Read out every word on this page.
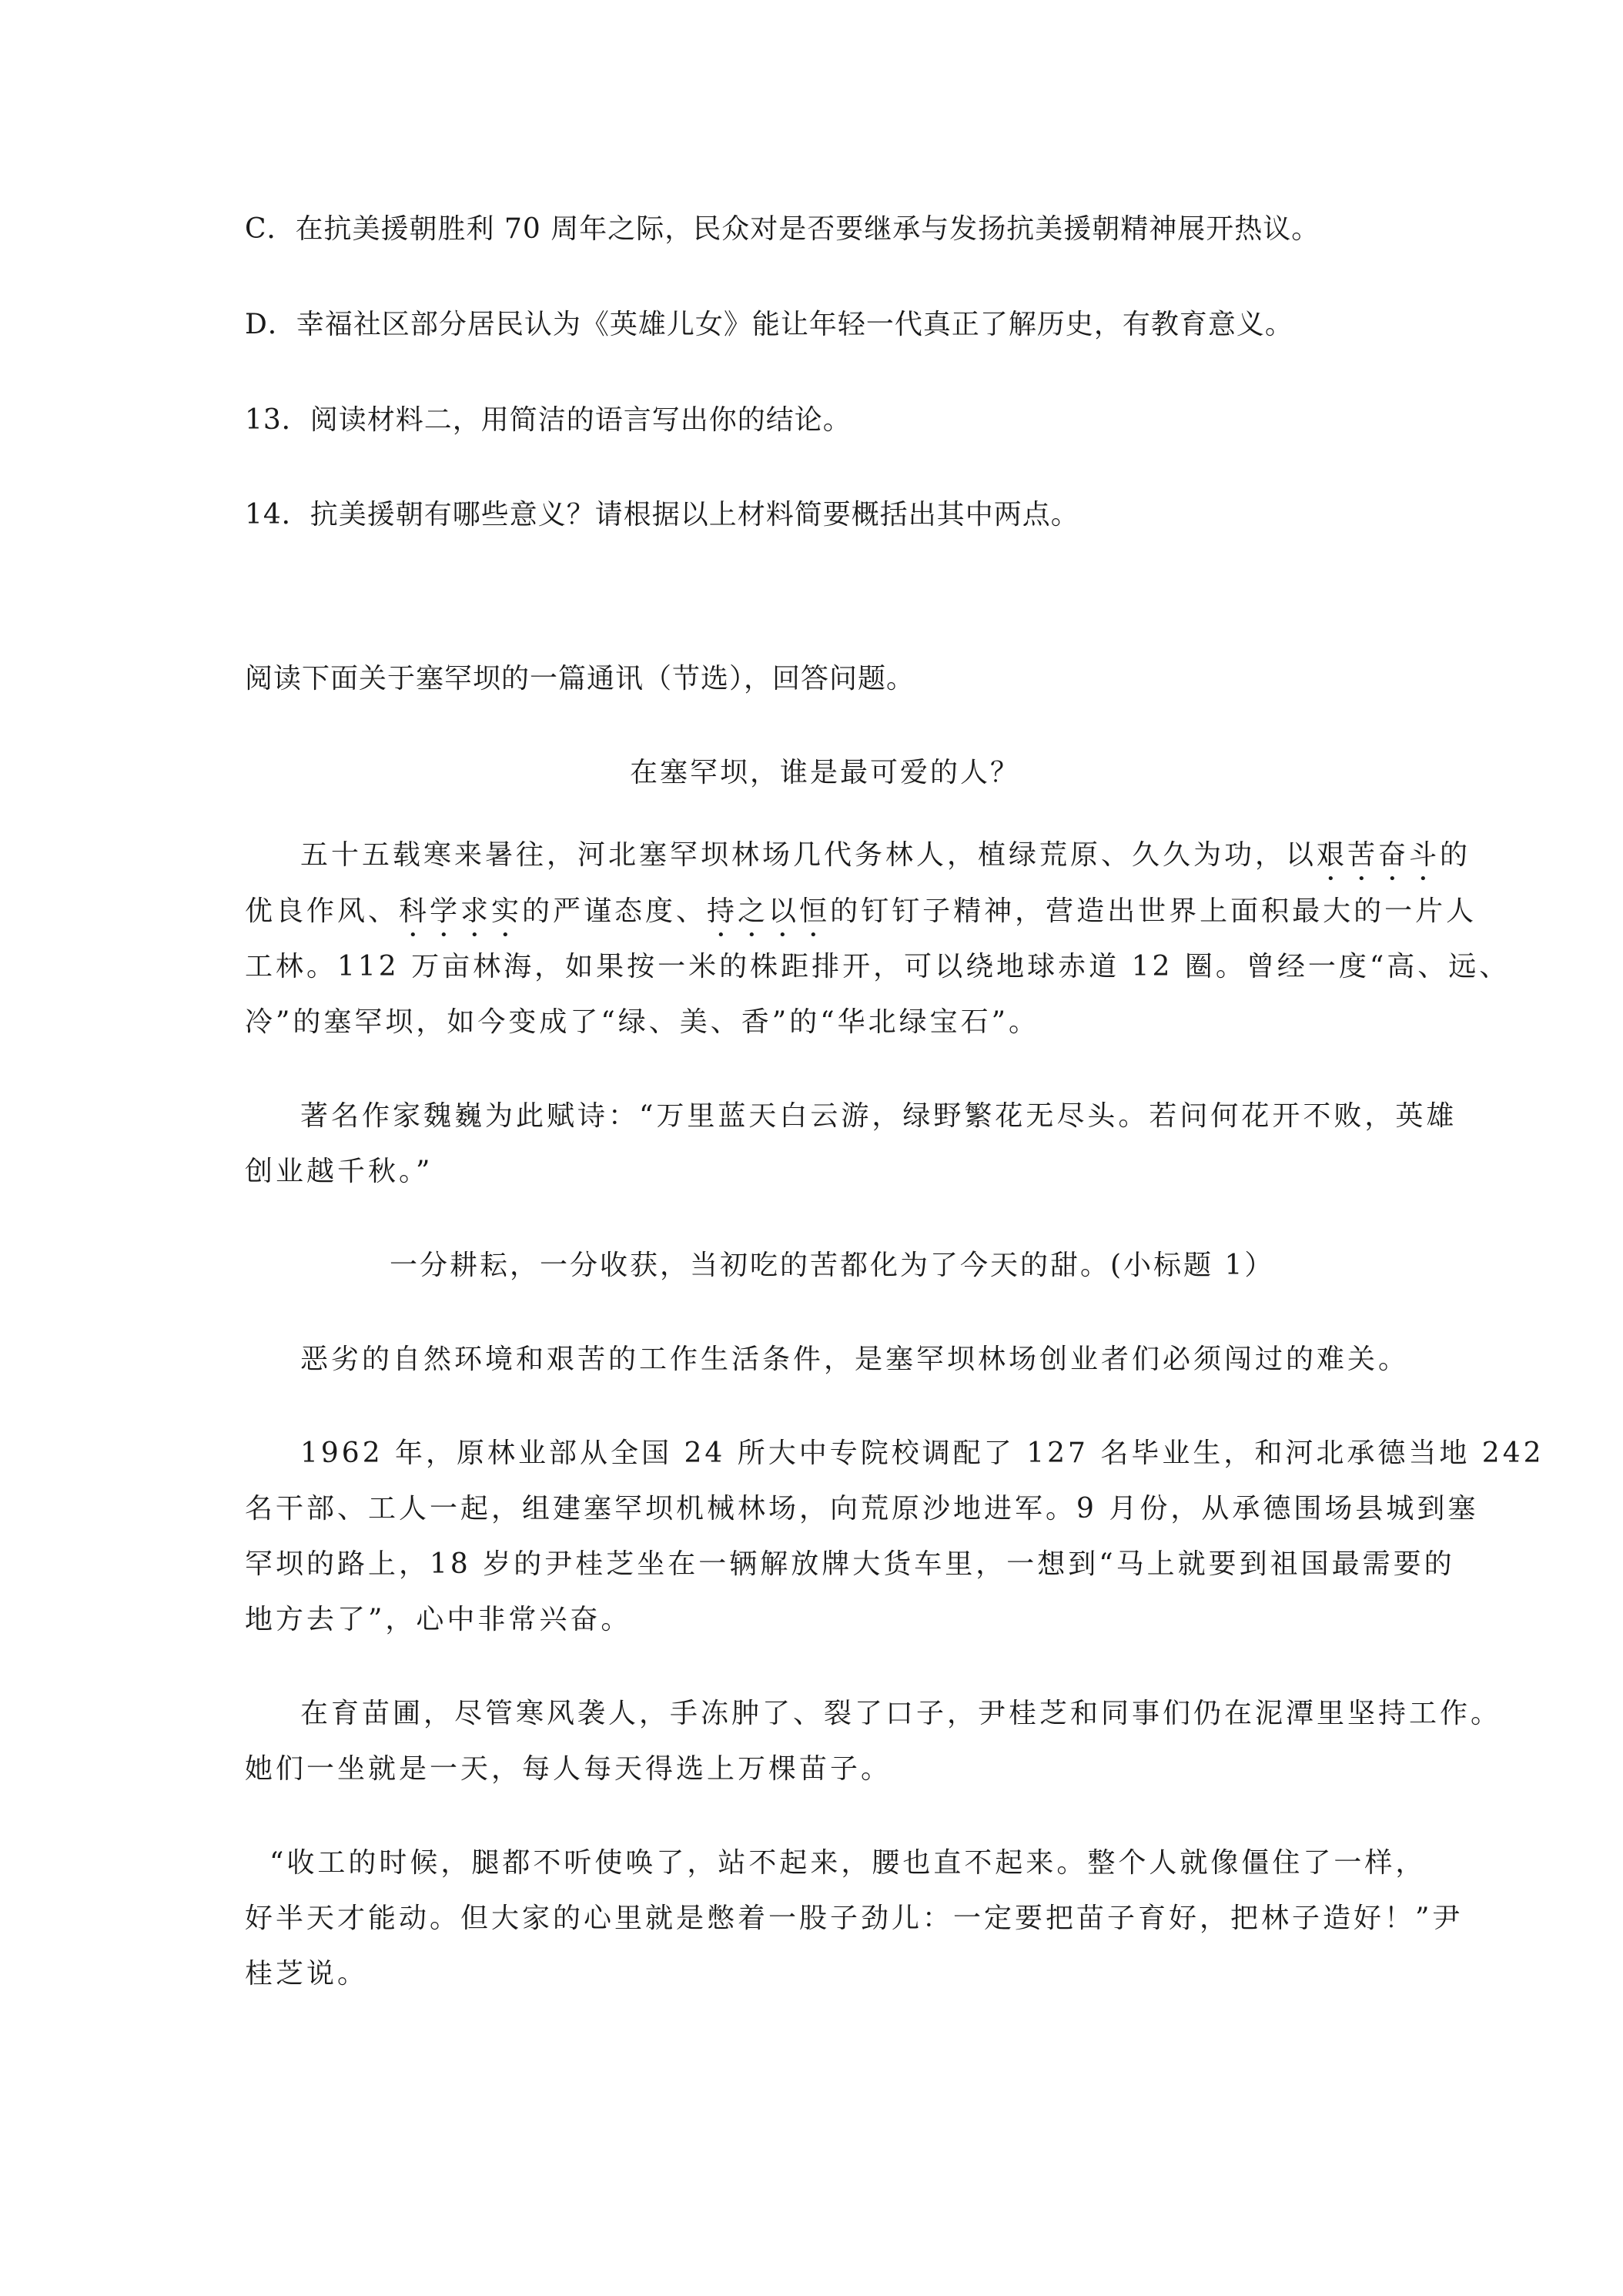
C．在抗美援朝胜利 70 周年之际，民众对是否要继承与发扬抗美援朝精神展开热议。
D．幸福社区部分居民认为《英雄儿女》能让年轻一代真正了解历史，有教育意义。
13．阅读材料二，用简洁的语言写出你的结论。
14．抗美援朝有哪些意义？请根据以上材料简要概括出其中两点。
阅读下面关于塞罕坝的一篇通讯（节选），回答问题。
在塞罕坝，谁是最可爱的人？
五十五载寒来暑往，河北塞罕坝林场几代务林人，植绿荒原、久久为功，以艰苦奋斗的
优良作风、科学求实的严谨态度、持之以恒的钉钉子精神，营造出世界上面积最大的一片人
工林。112 万亩林海，如果按一米的株距排开，可以绕地球赤道 12 圈。曾经一度“高、远、
冷”的塞罕坝，如今变成了“绿、美、香”的“华北绿宝石”。
著名作家魏巍为此赋诗：“万里蓝天白云游，绿野繁花无尽头。若问何花开不败，英雄
创业越千秋。”
一分耕耘，一分收获，当初吃的苦都化为了今天的甜。(小标题 1）
恶劣的自然环境和艰苦的工作生活条件，是塞罕坝林场创业者们必须闯过的难关。
1962 年，原林业部从全国 24 所大中专院校调配了 127 名毕业生，和河北承德当地 242
名干部、工人一起，组建塞罕坝机械林场，向荒原沙地进军。9 月份，从承德围场县城到塞
罕坝的路上，18 岁的尹桂芝坐在一辆解放牌大货车里，一想到“马上就要到祖国最需要的
地方去了”，心中非常兴奋。
在育苗圃，尽管寒风袭人，手冻肿了、裂了口子，尹桂芝和同事们仍在泥潭里坚持工作。
她们一坐就是一天，每人每天得选上万棵苗子。
“收工的时候，腿都不听使唤了，站不起来，腰也直不起来。整个人就像僵住了一样，
好半天才能动。但大家的心里就是憋着一股子劲儿：一定要把苗子育好，把林子造好！”尹
桂芝说。
